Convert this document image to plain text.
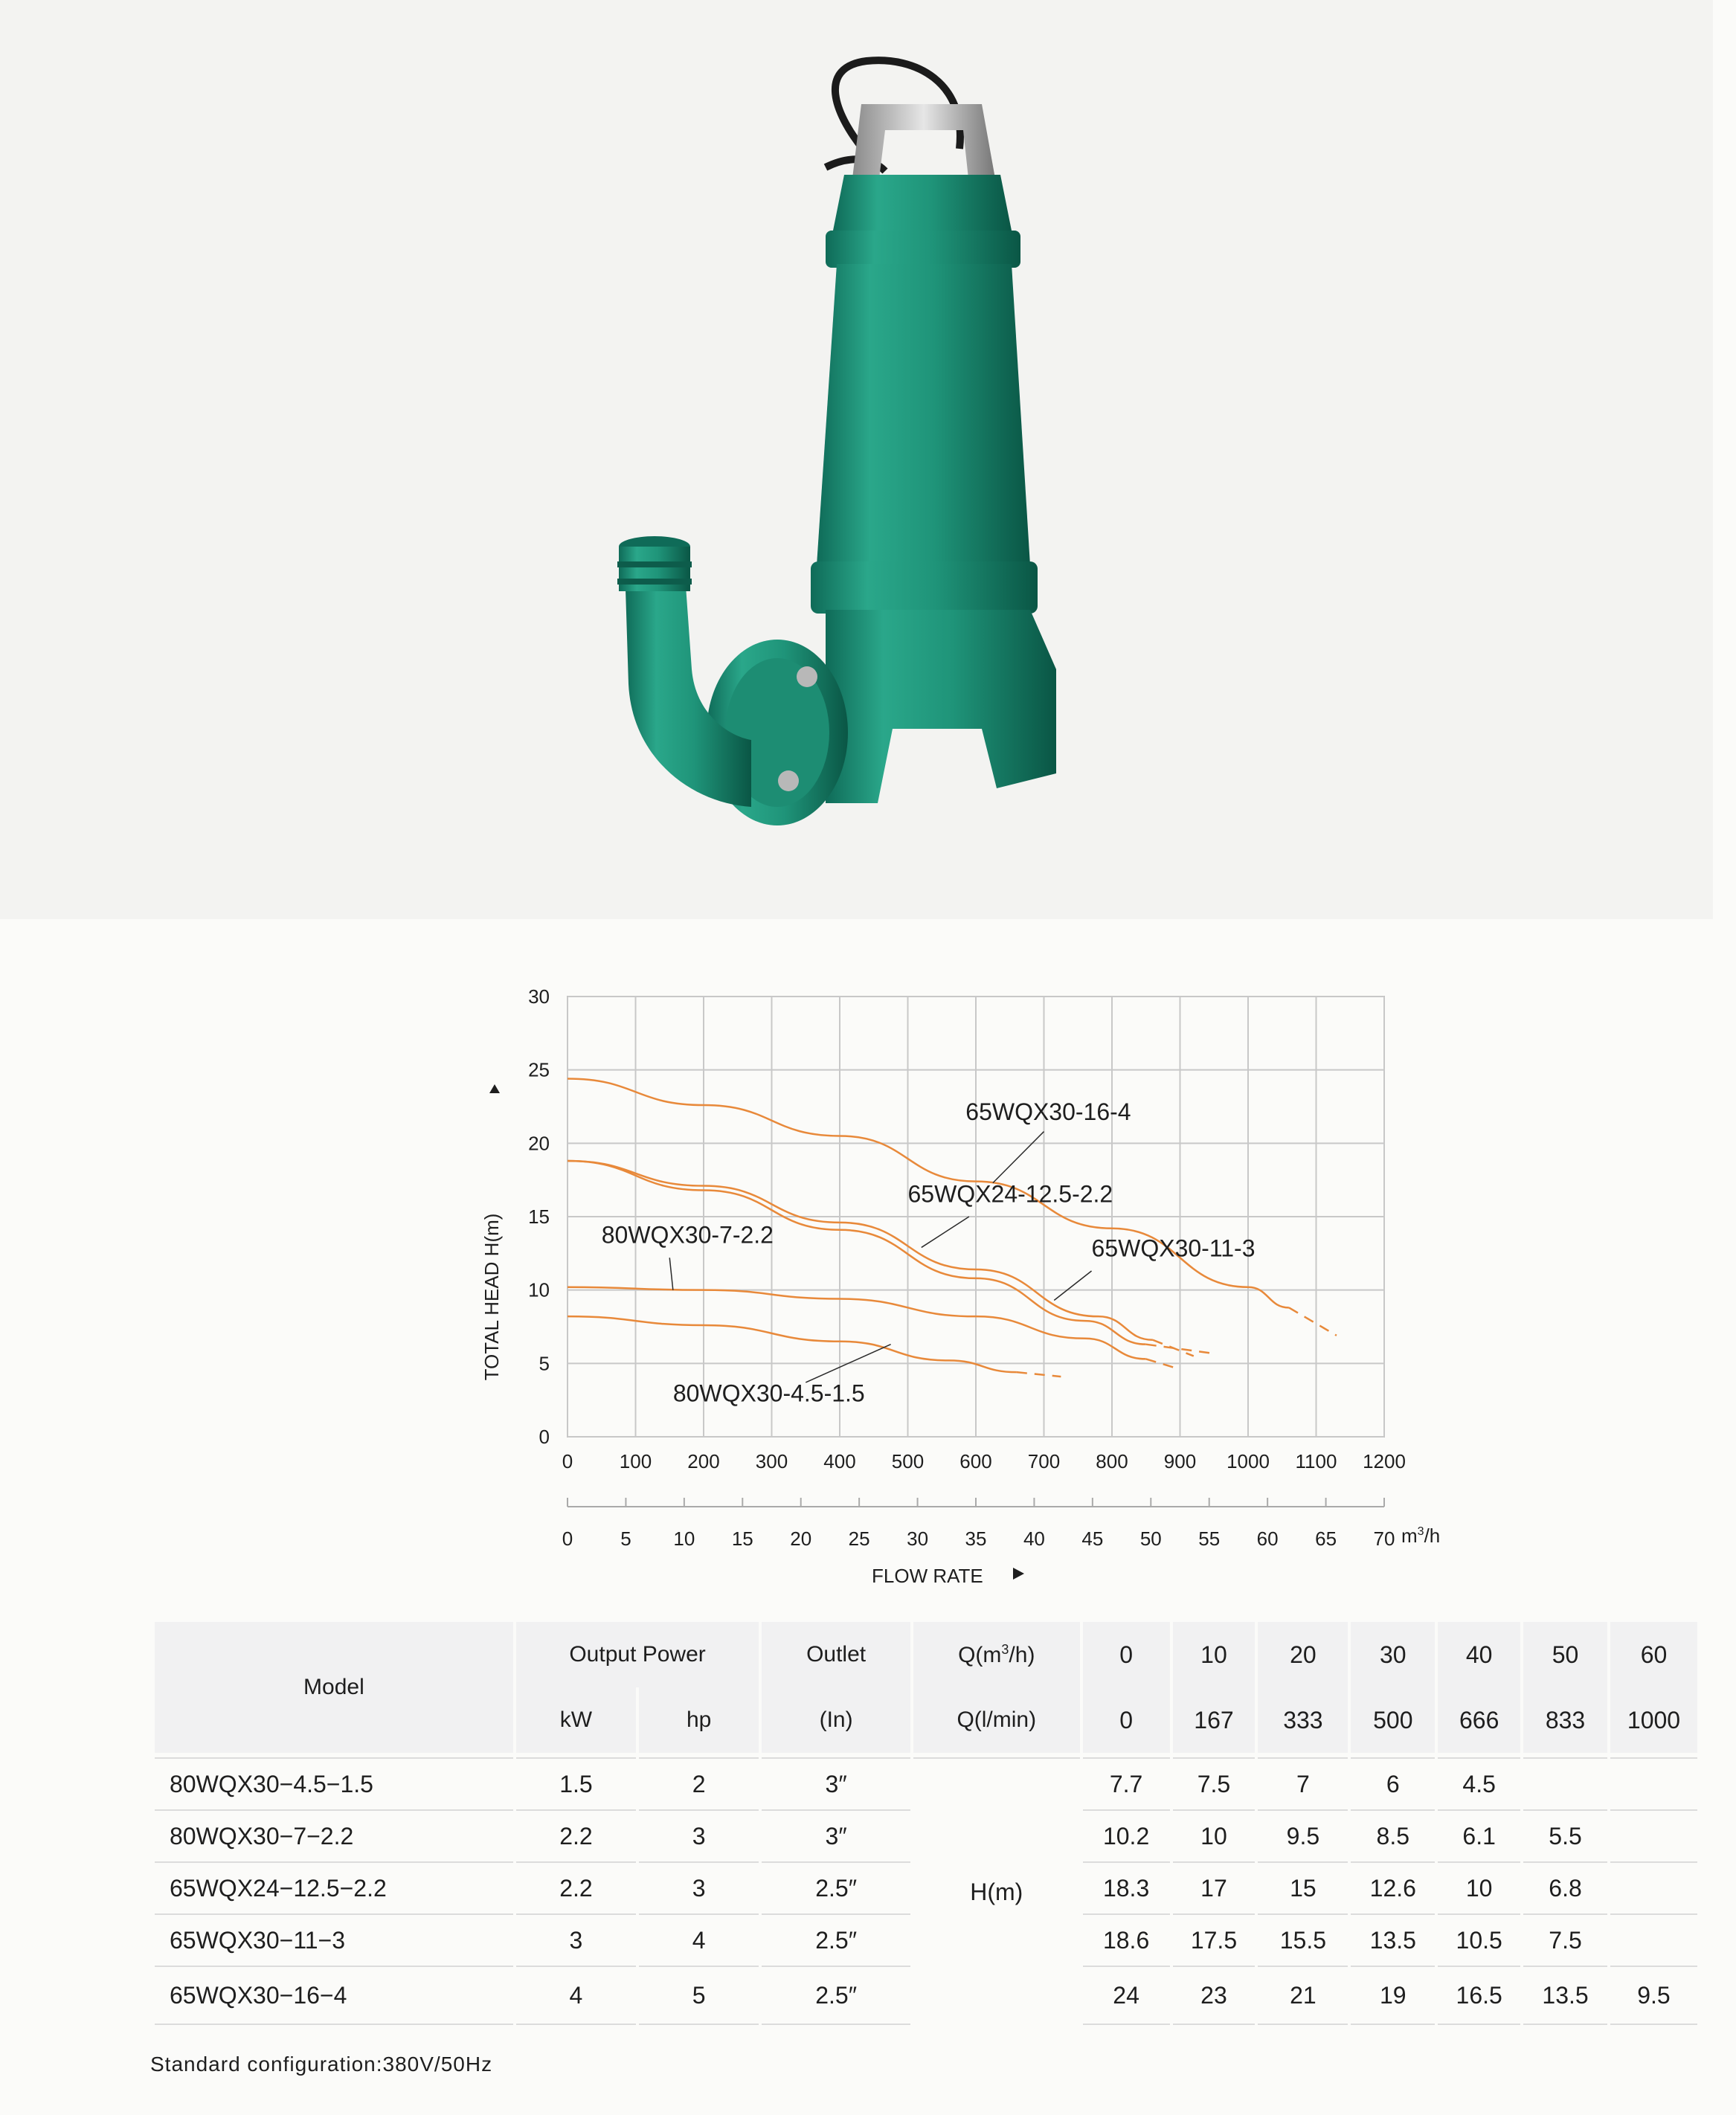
0
5
10
15
20
25
30
0 100 200 300 400 500 600 700 800 900 1000 1100 1200
0 5 10 15 20 25 30 35 40 45 50 55 60 65 70
65WQX30-16-4
65WQX24-12.5-2.2
65WQX30-11-3
80WQX30-7-2.2
80WQX30-4.5-1.5
TOTAL HEAD H(m)
FLOW RATE
$m^3/h$
Model	Output Power		Outlet	$Q(m^3/h)$	0	10	20	30	40	50	60
	kW	hp	(In)	Q(l/min)	0	167	333	500	666	833	1000

80WQX30−4.5−1.5	1.5	2	3″	H(m)	7.7	7.5	7	6	4.5		
80WQX30−7−2.2	2.2	3	3″		10.2	10	9.5	8.5	6.1	5.5	
65WQX24−12.5−2.2	2.2	3	2.5″		18.3	17	15	12.6	10	6.8	
65WQX30−11−3	3	4	2.5″		18.6	17.5	15.5	13.5	10.5	7.5	
65WQX30−16−4	4	5	2.5″		24	23	21	19	16.5	13.5	9.5
Standard configuration:380V/50Hz
